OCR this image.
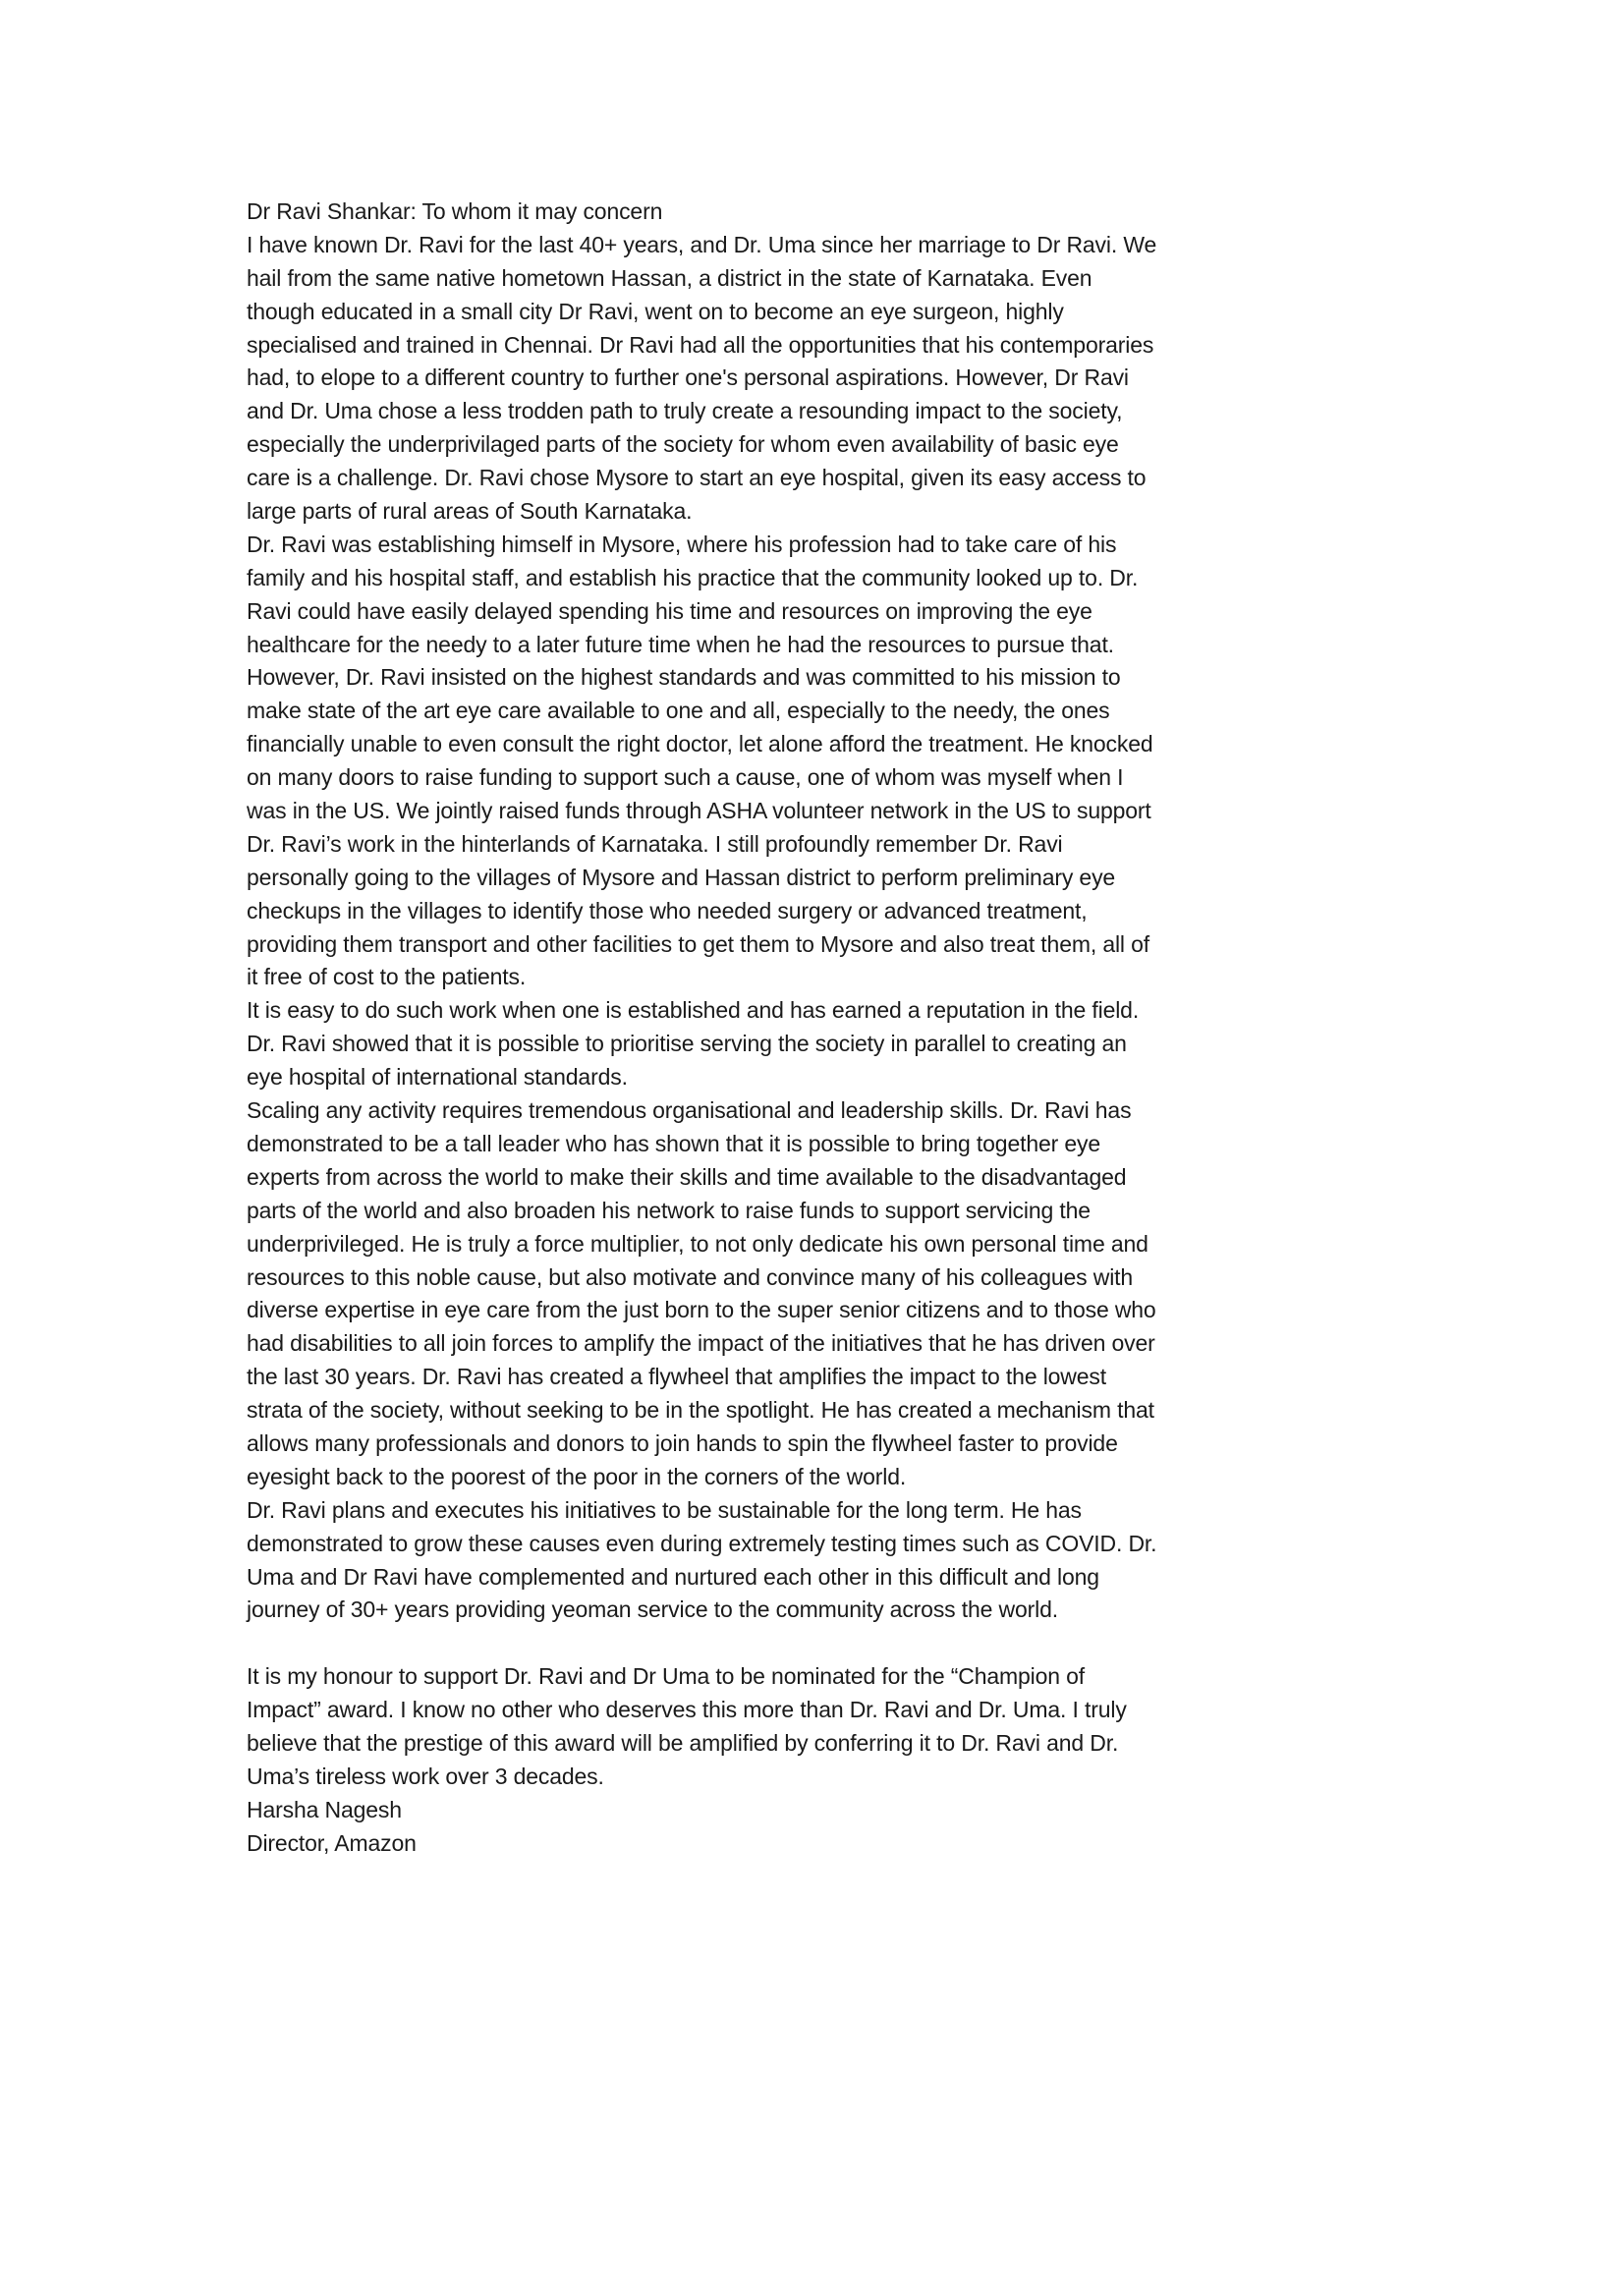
Dr Ravi Shankar: To whom it may concern
I have known Dr. Ravi for the last 40+ years, and Dr. Uma since her marriage to Dr Ravi. We
hail from the same native hometown Hassan, a district in the state of Karnataka. Even
though educated in a small city Dr Ravi, went on to become an eye surgeon, highly
specialised and trained in Chennai. Dr Ravi had all the opportunities that his contemporaries
had, to elope to a different country to further one's personal aspirations. However, Dr Ravi
and Dr. Uma chose a less trodden path to truly create a resounding impact to the society,
especially the underprivilaged parts of the society for whom even availability of basic eye
care is a challenge. Dr. Ravi chose Mysore to start an eye hospital, given its easy access to
large parts of rural areas of South Karnataka.
Dr. Ravi was establishing himself in Mysore, where his profession had to take care of his
family and his hospital staff, and establish his practice that the community looked up to. Dr.
Ravi could have easily delayed spending his time and resources on improving the eye
healthcare for the needy to a later future time when he had the resources to pursue that.
However, Dr. Ravi insisted on the highest standards and was committed to his mission to
make state of the art eye care available to one and all, especially to the needy, the ones
financially unable to even consult the right doctor, let alone afford the treatment. He knocked
on many doors to raise funding to support such a cause, one of whom was myself when I
was in the US. We jointly raised funds through ASHA volunteer network in the US to support
Dr. Ravi’s work in the hinterlands of Karnataka. I still profoundly remember Dr. Ravi
personally going to the villages of Mysore and Hassan district to perform preliminary eye
checkups in the villages to identify those who needed surgery or advanced treatment,
providing them transport and other facilities to get them to Mysore and also treat them, all of
it free of cost to the patients.
It is easy to do such work when one is established and has earned a reputation in the field.
Dr. Ravi showed that it is possible to prioritise serving the society in parallel to creating an
eye hospital of international standards.
Scaling any activity requires tremendous organisational and leadership skills. Dr. Ravi has
demonstrated to be a tall leader who has shown that it is possible to bring together eye
experts from across the world to make their skills and time available to the disadvantaged
parts of the world and also broaden his network to raise funds to support servicing the
underprivileged. He is truly a force multiplier, to not only dedicate his own personal time and
resources to this noble cause, but also motivate and convince many of his colleagues with
diverse expertise in eye care from the just born to the super senior citizens and to those who
had disabilities to all join forces to amplify the impact of the initiatives that he has driven over
the last 30 years. Dr. Ravi has created a flywheel that amplifies the impact to the lowest
strata of the society, without seeking to be in the spotlight. He has created a mechanism that
allows many professionals and donors to join hands to spin the flywheel faster to provide
eyesight back to the poorest of the poor in the corners of the world.
Dr. Ravi plans and executes his initiatives to be sustainable for the long term. He has
demonstrated to grow these causes even during extremely testing times such as COVID. Dr.
Uma and Dr Ravi have complemented and nurtured each other in this difficult and long
journey of 30+ years providing yeoman service to the community across the world.
It is my honour to support Dr. Ravi and Dr Uma to be nominated for the “Champion of
Impact” award. I know no other who deserves this more than Dr. Ravi and Dr. Uma. I truly
believe that the prestige of this award will be amplified by conferring it to Dr. Ravi and Dr.
Uma’s tireless work over 3 decades.
Harsha Nagesh
Director, Amazon
